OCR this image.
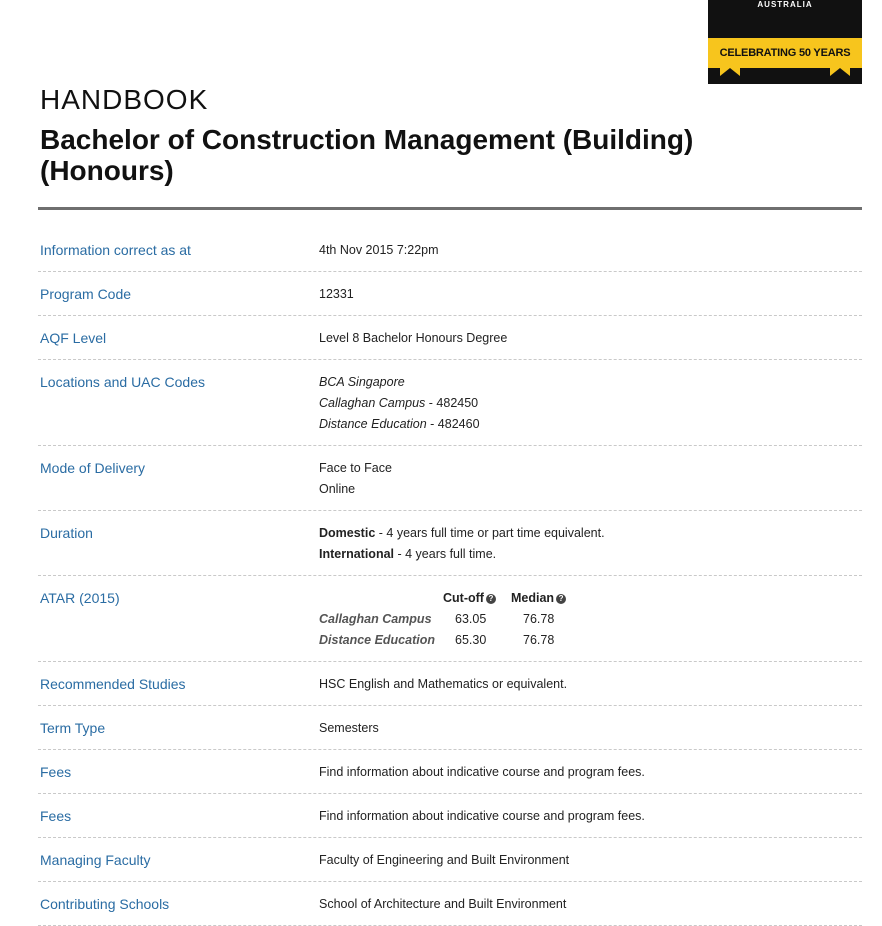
AUSTRALIA
CELEBRATING 50 YEARS
HANDBOOK
Bachelor of Construction Management (Building) (Honours)
Information correct as at	4th Nov 2015 7:22pm
Program Code	12331
AQF Level	Level 8 Bachelor Honours Degree
Locations and UAC Codes	BCA Singapore
Callaghan Campus - 482450
Distance Education - 482460
Mode of Delivery	Face to Face
Online
Duration	Domestic - 4 years full time or part time equivalent.
International - 4 years full time.
ATAR (2015)
		Cut-off ?	Median ?
Callaghan Campus	63.05	76.78
Distance Education	65.30	76.78
Recommended Studies	HSC English and Mathematics or equivalent.
Term Type	Semesters
Fees	Find information about indicative course and program fees.
Fees	Find information about indicative course and program fees.
Managing Faculty	Faculty of Engineering and Built Environment
Contributing Schools	School of Architecture and Built Environment
